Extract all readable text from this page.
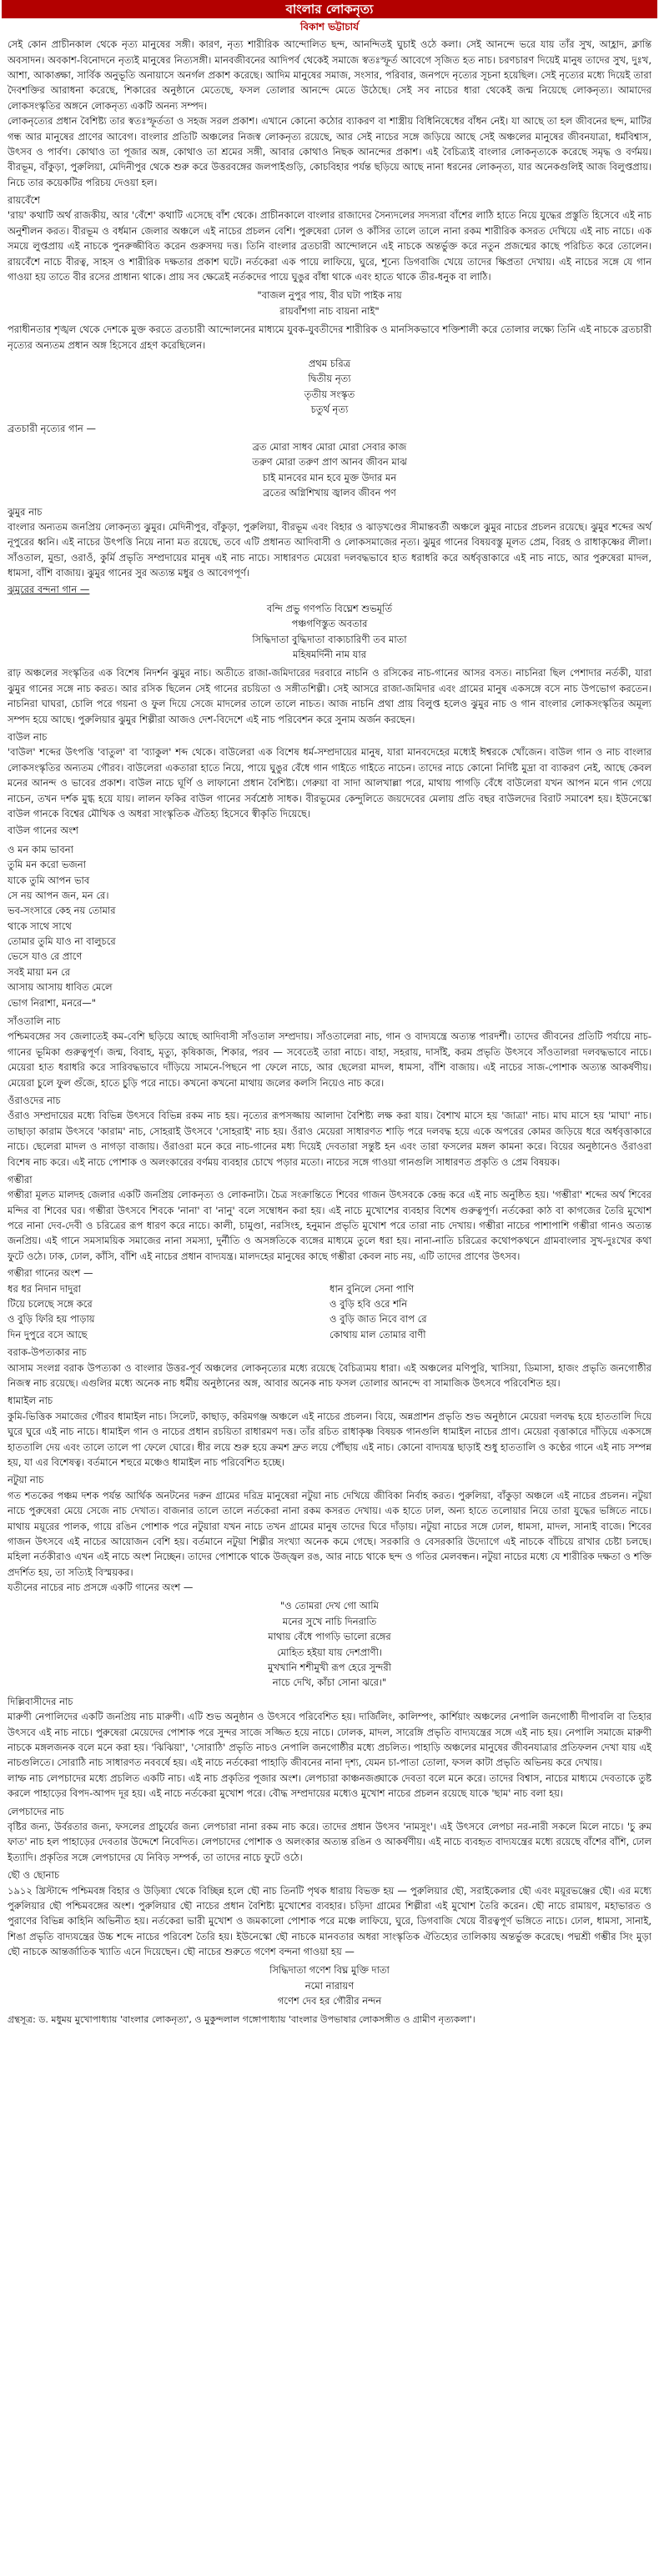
বাংলার লোকনৃত্য
বিকাশ ভট্টাচার্য

সেই কোন প্রাচীনকাল থেকে নৃত্য মানুষের সঙ্গী। কারণ, নৃত্য শারীরিক আন্দোলিত ছন্দ, আনন্দিতই ঘুচাই ওঠে কলা। সেই আনন্দে ভরে যায় তাঁর সুখ, আহ্লাদ, ক্লান্তি অবসাদন। অবকাশ-বিনোদনে নৃত্যই মানুষের নিত্যসঙ্গী। মানবজীবনের আদিপর্ব থেকেই সমাজে স্বতঃস্ফূর্ত আবেগে সৃজিত হত নাচ। চরণচারণ দিয়েই মানুষ তাদের সুখ, দুঃখ, আশা, আকাঙ্ক্ষা, সার্বিক অনুভূতি অনায়াসে অনর্গল প্রকাশ করেছে। আদিম মানুষের সমাজ, সংসার, পরিবার, জনপদে নৃত্যের সূচনা হয়েছিল। সেই নৃত্যের মধ্যে দিয়েই তারা দৈবশক্তির আরাধনা করেছে, শিকারের অনুষ্ঠানে মেতেছে, ফসল তোলার আনন্দে মেতে উঠেছে। সেই সব নাচের ধারা থেকেই জন্ম নিয়েছে লোকনৃত্য। আমাদের লোকসংস্কৃতির অঙ্গনে লোকনৃত্য একটি অনন্য সম্পদ।

লোকনৃত্যের প্রধান বৈশিষ্ট্য তার স্বতঃস্ফূর্ততা ও সহজ সরল প্রকাশ। এখানে কোনো কঠোর ব্যাকরণ বা শাস্ত্রীয় বিধিনিষেধের বাঁধন নেই। যা আছে তা হল জীবনের ছন্দ, মাটির গন্ধ আর মানুষের প্রাণের আবেগ। বাংলার প্রতিটি অঞ্চলের নিজস্ব লোকনৃত্য রয়েছে, আর সেই নাচের সঙ্গে জড়িয়ে আছে সেই অঞ্চলের মানুষের জীবনযাত্রা, ধর্মবিশ্বাস, উৎসব ও পার্বণ। কোথাও তা পূজার অঙ্গ, কোথাও তা শ্রমের সঙ্গী, আবার কোথাও নিছক আনন্দের প্রকাশ। এই বৈচিত্র্যই বাংলার লোকনৃত্যকে করেছে সমৃদ্ধ ও বর্ণময়। বীরভূম, বাঁকুড়া, পুরুলিয়া, মেদিনীপুর থেকে শুরু করে উত্তরবঙ্গের জলপাইগুড়ি, কোচবিহার পর্যন্ত ছড়িয়ে আছে নানা ধরনের লোকনৃত্য, যার অনেকগুলিই আজ বিলুপ্তপ্রায়। নিচে তার কয়েকটির পরিচয় দেওয়া হল।

রায়বেঁশে

'রায়' কথাটি অর্থ রাজকীয়, আর 'বেঁশে' কথাটি এসেছে বাঁশ থেকে। প্রাচীনকালে বাংলার রাজাদের সৈন্যদলের সদস্যরা বাঁশের লাঠি হাতে নিয়ে যুদ্ধের প্রস্তুতি হিসেবে এই নাচ অনুশীলন করত। বীরভূম ও বর্ধমান জেলার অঞ্চলে এই নাচের প্রচলন বেশি। পুরুষেরা ঢোল ও কাঁসির তালে তালে নানা রকম শারীরিক কসরত দেখিয়ে এই নাচ নাচে। এক সময়ে লুপ্তপ্রায় এই নাচকে পুনরুজ্জীবিত করেন গুরুসদয় দত্ত। তিনি বাংলার ব্রতচারী আন্দোলনে এই নাচকে অন্তর্ভুক্ত করে নতুন প্রজন্মের কাছে পরিচিত করে তোলেন। রায়বেঁশে নাচে বীরত্ব, সাহস ও শারীরিক দক্ষতার প্রকাশ ঘটে। নর্তকেরা এক পায়ে লাফিয়ে, ঘুরে, শূন্যে ডিগবাজি খেয়ে তাদের ক্ষিপ্রতা দেখায়। এই নাচের সঙ্গে যে গান গাওয়া হয় তাতে বীর রসের প্রাধান্য থাকে। প্রায় সব ক্ষেত্রেই নর্তকদের পায়ে ঘুঙুর বাঁধা থাকে এবং হাতে থাকে তীর-ধনুক বা লাঠি।

"বাজল নুপুর পায়, বীর ঘটা পাইক নায়

রায়বাঁশগা নাচ বায়না নাই"

পরাধীনতার শৃঙ্খল থেকে দেশকে মুক্ত করতে ব্রতচারী আন্দোলনের মাধ্যমে যুবক-যুবতীদের শারীরিক ও মানসিকভাবে শক্তিশালী করে তোলার লক্ষ্যে তিনি এই নাচকে ব্রতচারী নৃত্যের অন্যতম প্রধান অঙ্গ হিসেবে গ্রহণ করেছিলেন।

প্রথম চরিত্র

দ্বিতীয় নৃত্য

তৃতীয় সংস্কৃত

চতুর্থ নৃত্য

ব্রতচারী নৃত্যের গান —

ব্রত মোরা সাধব মোরা মোরা সেবার কাজ

তরুণ মোরা তরুণ প্রাণ আনব জীবন মাঝ

চাই মানবের মান হবে মুক্ত উদার মন

ব্রতের অগ্নিশিখায় জ্বালব জীবন পণ

ঝুমুর নাচ

বাংলার অন্যতম জনপ্রিয় লোকনৃত্য ঝুমুর। মেদিনীপুর, বাঁকুড়া, পুরুলিয়া, বীরভূম এবং বিহার ও ঝাড়খণ্ডের সীমান্তবর্তী অঞ্চলে ঝুমুর নাচের প্রচলন রয়েছে। ঝুমুর শব্দের অর্থ নূপুরের ধ্বনি। এই নাচের উৎপত্তি নিয়ে নানা মত রয়েছে, তবে এটি প্রধানত আদিবাসী ও লোকসমাজের নৃত্য। ঝুমুর গানের বিষয়বস্তু মূলত প্রেম, বিরহ ও রাধাকৃষ্ণের লীলা। সাঁওতাল, মুন্ডা, ওরাওঁ, কুর্মি প্রভৃতি সম্প্রদায়ের মানুষ এই নাচ নাচে। সাধারণত মেয়েরা দলবদ্ধভাবে হাত ধরাধরি করে অর্ধবৃত্তাকারে এই নাচ নাচে, আর পুরুষেরা মাদল, ধামসা, বাঁশি বাজায়। ঝুমুর গানের সুর অত্যন্ত মধুর ও আবেগপূর্ণ।

ঝুমুরের বন্দনা গান —

বন্দি প্রভু গণপতি বিঘ্নেশ শুভমূর্তি

পঞ্চগণিস্তুত অবতার

সিদ্ধিদাতা বুদ্ধিদাতা বাক্যচারিণী তব মাতা

মহিষমর্দিনী নাম যার

রাঢ় অঞ্চলের সংস্কৃতির এক বিশেষ নিদর্শন ঝুমুর নাচ। অতীতে রাজা-জমিদারের দরবারে নাচনি ও রসিকের নাচ-গানের আসর বসত। নাচনিরা ছিল পেশাদার নর্তকী, যারা ঝুমুর গানের সঙ্গে নাচ করত। আর রসিক ছিলেন সেই গানের রচয়িতা ও সঙ্গীতশিল্পী। সেই আসরে রাজা-জমিদার এবং গ্রামের মানুষ একসঙ্গে বসে নাচ উপভোগ করতেন। নাচনিরা ঘাঘরা, চোলি পরে গয়না ও ফুল দিয়ে সেজে মাদলের তালে তালে নাচত। আজ নাচনি প্রথা প্রায় বিলুপ্ত হলেও ঝুমুর নাচ ও গান বাংলার লোকসংস্কৃতির অমূল্য সম্পদ হয়ে আছে। পুরুলিয়ার ঝুমুর শিল্পীরা আজও দেশ-বিদেশে এই নাচ পরিবেশন করে সুনাম অর্জন করছেন।

বাউল নাচ

'বাউল' শব্দের উৎপত্তি 'বাতুল' বা 'ব্যাকুল' শব্দ থেকে। বাউলেরা এক বিশেষ ধর্ম-সম্প্রদায়ের মানুষ, যারা মানবদেহের মধ্যেই ঈশ্বরকে খোঁজেন। বাউল গান ও নাচ বাংলার লোকসংস্কৃতির অন্যতম গৌরব। বাউলেরা একতারা হাতে নিয়ে, পায়ে ঘুঙুর বেঁধে গান গাইতে গাইতে নাচেন। তাদের নাচে কোনো নির্দিষ্ট মুদ্রা বা ব্যাকরণ নেই, আছে কেবল মনের আনন্দ ও ভাবের প্রকাশ। বাউল নাচে ঘূর্ণি ও লাফানো প্রধান বৈশিষ্ট্য। গেরুয়া বা সাদা আলখাল্লা পরে, মাথায় পাগড়ি বেঁধে বাউলেরা যখন আপন মনে গান গেয়ে নাচেন, তখন দর্শক মুগ্ধ হয়ে যায়। লালন ফকির বাউল গানের সর্বশ্রেষ্ঠ সাধক। বীরভূমের কেন্দুলিতে জয়দেবের মেলায় প্রতি বছর বাউলদের বিরাট সমাবেশ হয়। ইউনেস্কো বাউল গানকে বিশ্বের মৌখিক ও অধরা সাংস্কৃতিক ঐতিহ্য হিসেবে স্বীকৃতি দিয়েছে।

বাউল গানের অংশ

ও মন কাম ভাবনা

তুমি মন করো ভজনা

যাকে তুমি আপন ভাব

সে নয় আপন জন, মন রে।

ভব-সংসারে কেহ নয় তোমার

থাকে সাথে সাথে

তোমার তুমি যাও না বালুচরে

ভেসে যাও রে প্রাণে

সবই মায়া মন রে

আসায় আসায় ধাবিত মেলে

ভোগ নিরাশা, মনরে—"

সাঁওতালি নাচ

পশ্চিমবঙ্গের সব জেলাতেই কম-বেশি ছড়িয়ে আছে আদিবাসী সাঁওতাল সম্প্রদায়। সাঁওতালেরা নাচ, গান ও বাদ্যযন্ত্রে অত্যন্ত পারদর্শী। তাদের জীবনের প্রতিটি পর্যায়ে নাচ-গানের ভূমিকা গুরুত্বপূর্ণ। জন্ম, বিবাহ, মৃত্যু, কৃষিকাজ, শিকার, পরব — সবেতেই তারা নাচে। বাহা, সহরায়, দাসাঁই, করম প্রভৃতি উৎসবে সাঁওতালরা দলবদ্ধভাবে নাচে। মেয়েরা হাত ধরাধরি করে সারিবদ্ধভাবে দাঁড়িয়ে সামনে-পিছনে পা ফেলে নাচে, আর ছেলেরা মাদল, ধামসা, বাঁশি বাজায়। এই নাচের সাজ-পোশাক অত্যন্ত আকর্ষণীয়। মেয়েরা চুলে ফুল গুঁজে, হাতে চুড়ি পরে নাচে। কখনো কখনো মাথায় জলের কলসি নিয়েও নাচ করে।

ওঁরাওদের নাচ

ওঁরাও সম্প্রদায়ের মধ্যে বিভিন্ন উৎসবে বিভিন্ন রকম নাচ হয়। নৃত্যের রূপসজ্জায় আলাদা বৈশিষ্ট্য লক্ষ করা যায়। বৈশাখ মাসে হয় 'জাত্রা' নাচ। মাঘ মাসে হয় 'মাঘা' নাচ। তাছাড়া কারাম উৎসবে 'কারাম' নাচ, সোহরাই উৎসবে 'সোহরাই' নাচ হয়। ওঁরাও মেয়েরা সাধারণত শাড়ি পরে দলবদ্ধ হয়ে একে অপরের কোমর জড়িয়ে ধরে অর্ধবৃত্তাকারে নাচে। ছেলেরা মাদল ও নাগড়া বাজায়। ওঁরাওরা মনে করে নাচ-গানের মধ্য দিয়েই দেবতারা সন্তুষ্ট হন এবং তারা ফসলের মঙ্গল কামনা করে। বিয়ের অনুষ্ঠানেও ওঁরাওরা বিশেষ নাচ করে। এই নাচে পোশাক ও অলংকারের বর্ণময় ব্যবহার চোখে পড়ার মতো। নাচের সঙ্গে গাওয়া গানগুলি সাধারণত প্রকৃতি ও প্রেম বিষয়ক।

গম্ভীরা

গম্ভীরা মূলত মালদহ জেলার একটি জনপ্রিয় লোকনৃত্য ও লোকনাট্য। চৈত্র সংক্রান্তিতে শিবের গাজন উৎসবকে কেন্দ্র করে এই নাচ অনুষ্ঠিত হয়। 'গম্ভীরা' শব্দের অর্থ শিবের মন্দির বা শিবের ঘর। গম্ভীরা উৎসবে শিবকে 'নানা' বা 'নানু' বলে সম্বোধন করা হয়। এই নাচে মুখোশের ব্যবহার বিশেষ গুরুত্বপূর্ণ। নর্তকেরা কাঠ বা কাগজের তৈরি মুখোশ পরে নানা দেব-দেবী ও চরিত্রের রূপ ধারণ করে নাচে। কালী, চামুণ্ডা, নরসিংহ, হনুমান প্রভৃতি মুখোশ পরে তারা নাচ দেখায়। গম্ভীরা নাচের পাশাপাশি গম্ভীরা গানও অত্যন্ত জনপ্রিয়। এই গানে সমসাময়িক সমাজের নানা সমস্যা, দুর্নীতি ও অসঙ্গতিকে ব্যঙ্গের মাধ্যমে তুলে ধরা হয়। নানা-নাতি চরিত্রের কথোপকথনে গ্রামবাংলার সুখ-দুঃখের কথা ফুটে ওঠে। ঢাক, ঢোল, কাঁসি, বাঁশি এই নাচের প্রধান বাদ্যযন্ত্র। মালদহের মানুষের কাছে গম্ভীরা কেবল নাচ নয়, এটি তাদের প্রাণের উৎসব।

গম্ভীরা গানের অংশ —

ধর ধর নিদান দাদুরা

টিয়ে চলেছে সঙ্গে করে

ও বুড়ি ফিরি হয় পাড়ায়

দিন দুপুরে বসে আছে

ধান বুনিলে সেনা পাণি

ও বুড়ি হবি ওরে শনি

ও বুড়ি জাত নিবে বাপ রে

কোথায় মাল তোমার বাণী

বরাক-উপত্যকার নাচ

আসাম সংলগ্ন বরাক উপত্যকা ও বাংলার উত্তর-পূর্ব অঞ্চলের লোকনৃত্যের মধ্যে রয়েছে বৈচিত্র্যময় ধারা। এই অঞ্চলের মণিপুরি, খাসিয়া, ডিমাসা, হাজং প্রভৃতি জনগোষ্ঠীর নিজস্ব নাচ রয়েছে। এগুলির মধ্যে অনেক নাচ ধর্মীয় অনুষ্ঠানের অঙ্গ, আবার অনেক নাচ ফসল তোলার আনন্দে বা সামাজিক উৎসবে পরিবেশিত হয়।

ধামাইল নাচ

কুমি-ভিত্তিক সমাজের গৌরব ধামাইল নাচ। সিলেট, কাছাড়, করিমগঞ্জ অঞ্চলে এই নাচের প্রচলন। বিয়ে, অন্নপ্রাশন প্রভৃতি শুভ অনুষ্ঠানে মেয়েরা দলবদ্ধ হয়ে হাততালি দিয়ে ঘুরে ঘুরে এই নাচ নাচে। ধামাইল গান ও নাচের প্রধান রচয়িতা রাধারমণ দত্ত। তাঁর রচিত রাধাকৃষ্ণ বিষয়ক গানগুলি ধামাইল নাচের প্রাণ। মেয়েরা বৃত্তাকারে দাঁড়িয়ে একসঙ্গে হাততালি দেয় এবং তালে তালে পা ফেলে ঘোরে। ধীর লয়ে শুরু হয়ে ক্রমশ দ্রুত লয়ে পৌঁছায় এই নাচ। কোনো বাদ্যযন্ত্র ছাড়াই শুধু হাততালি ও কণ্ঠের গানে এই নাচ সম্পন্ন হয়, যা এর বিশেষত্ব। বর্তমানে শহুরে মঞ্চেও ধামাইল নাচ পরিবেশিত হচ্ছে।

নটুয়া নাচ

গত শতকের পঞ্চম দশক পর্যন্ত আর্থিক অনটনের দরুন গ্রামের দরিদ্র মানুষেরা নটুয়া নাচ দেখিয়ে জীবিকা নির্বাহ করত। পুরুলিয়া, বাঁকুড়া অঞ্চলে এই নাচের প্রচলন। নটুয়া নাচে পুরুষেরা মেয়ে সেজে নাচ দেখাত। বাজনার তালে তালে নর্তকেরা নানা রকম কসরত দেখায়। এক হাতে ঢাল, অন্য হাতে তলোয়ার নিয়ে তারা যুদ্ধের ভঙ্গিতে নাচে। মাথায় ময়ূরের পালক, গায়ে রঙিন পোশাক পরে নটুয়ারা যখন নাচে তখন গ্রামের মানুষ তাদের ঘিরে দাঁড়ায়। নটুয়া নাচের সঙ্গে ঢোল, ধামসা, মাদল, সানাই বাজে। শিবের গাজন উৎসবে এই নাচের আয়োজন বেশি হয়। বর্তমানে নটুয়া শিল্পীর সংখ্যা অনেক কমে গেছে। সরকারি ও বেসরকারি উদ্যোগে এই নাচকে বাঁচিয়ে রাখার চেষ্টা চলছে। মহিলা নর্তকীরাও এখন এই নাচে অংশ নিচ্ছেন। তাদের পোশাকে থাকে উজ্জ্বল রঙ, আর নাচে থাকে ছন্দ ও গতির মেলবন্ধন। নটুয়া নাচের মধ্যে যে শারীরিক দক্ষতা ও শক্তি প্রদর্শিত হয়, তা সত্যিই বিস্ময়কর।

যতীনের নাচের নাচ প্রসঙ্গে একটি গানের অংশ —

"ও তোমরা দেখ গো আমি

মনের সুখে নাচি দিনরাতি

মাথায় বেঁধে পাগড়ি ভালো রঙ্গের

মোহিত হইয়া যায় দেশপ্রাণী।

মুখখানি শশীমুখী রূপ হেরে সুন্দরী

নাচে দেখি, কাঁচা সোনা ঝরে।"

দিল্লিবাসীদের নাচ

মারুণী নেপালিদের একটি জনপ্রিয় নাচ মারুণী। এটি শুভ অনুষ্ঠান ও উৎসবে পরিবেশিত হয়। দার্জিলিং, কালিম্পং, কার্শিয়াং অঞ্চলের নেপালি জনগোষ্ঠী দীপাবলি বা তিহার উৎসবে এই নাচ নাচে। পুরুষেরা মেয়েদের পোশাক পরে সুন্দর সাজে সজ্জিত হয়ে নাচে। ঢোলক, মাদল, সারেঙ্গি প্রভৃতি বাদ্যযন্ত্রের সঙ্গে এই নাচ হয়। নেপালি সমাজে মারুণী নাচকে মঙ্গলজনক বলে মনে করা হয়। 'ঝিঝিয়া', 'সোরাঠি' প্রভৃতি নাচও নেপালি জনগোষ্ঠীর মধ্যে প্রচলিত। পাহাড়ি অঞ্চলের মানুষের জীবনযাত্রার প্রতিফলন দেখা যায় এই নাচগুলিতে। সোরাঠি নাচ সাধারণত নববর্ষে হয়। এই নাচে নর্তকেরা পাহাড়ি জীবনের নানা দৃশ্য, যেমন চা-পাতা তোলা, ফসল কাটা প্রভৃতি অভিনয় করে দেখায়।

লাম্ফ নাচ লেপচাদের মধ্যে প্রচলিত একটি নাচ। এই নাচ প্রকৃতির পূজার অংশ। লেপচারা কাঞ্চনজঙ্ঘাকে দেবতা বলে মনে করে। তাদের বিশ্বাস, নাচের মাধ্যমে দেবতাকে তুষ্ট করলে পাহাড়ের বিপদ-আপদ দূর হয়। এই নাচে নর্তকেরা মুখোশ পরে। বৌদ্ধ সম্প্রদায়ের মধ্যেও মুখোশ নাচের প্রচলন রয়েছে যাকে 'ছাম' নাচ বলা হয়।

লেপচাদের নাচ

বৃষ্টির জন্য, উর্বরতার জন্য, ফসলের প্রাচুর্যের জন্য লেপচারা নানা রকম নাচ করে। তাদের প্রধান উৎসব 'নামসুং'। এই উৎসবে লেপচা নর-নারী সকলে মিলে নাচে। 'চু রুম ফাত' নাচ হল পাহাড়ের দেবতার উদ্দেশে নিবেদিত। লেপচাদের পোশাক ও অলংকার অত্যন্ত রঙিন ও আকর্ষণীয়। এই নাচে ব্যবহৃত বাদ্যযন্ত্রের মধ্যে রয়েছে বাঁশের বাঁশি, ঢোল ইত্যাদি। প্রকৃতির সঙ্গে লেপচাদের যে নিবিড় সম্পর্ক, তা তাদের নাচে ফুটে ওঠে।

ছৌ ও ছোনাচ

১৯১২ খ্রিস্টাব্দে পশ্চিমবঙ্গ বিহার ও উড়িষ্যা থেকে বিচ্ছিন্ন হলে ছৌ নাচ তিনটি পৃথক ধারায় বিভক্ত হয় — পুরুলিয়ার ছৌ, সরাইকেলার ছৌ এবং ময়ূরভঞ্জের ছৌ। এর মধ্যে পুরুলিয়ার ছৌ পশ্চিমবঙ্গের অংশ। পুরুলিয়ার ছৌ নাচের প্রধান বৈশিষ্ট্য মুখোশের ব্যবহার। চড়িদা গ্রামের শিল্পীরা এই মুখোশ তৈরি করেন। ছৌ নাচে রামায়ণ, মহাভারত ও পুরাণের বিভিন্ন কাহিনি অভিনীত হয়। নর্তকেরা ভারী মুখোশ ও জমকালো পোশাক পরে মঞ্চে লাফিয়ে, ঘুরে, ডিগবাজি খেয়ে বীরত্বপূর্ণ ভঙ্গিতে নাচে। ঢোল, ধামসা, সানাই, শিঙা প্রভৃতি বাদ্যযন্ত্রের উচ্চ শব্দে নাচের পরিবেশ তৈরি হয়। ইউনেস্কো ছৌ নাচকে মানবতার অধরা সাংস্কৃতিক ঐতিহ্যের তালিকায় অন্তর্ভুক্ত করেছে। পদ্মশ্রী গম্ভীর সিং মুড়া ছৌ নাচকে আন্তর্জাতিক খ্যাতি এনে দিয়েছেন। ছৌ নাচের শুরুতে গণেশ বন্দনা গাওয়া হয় —

সিদ্ধিদাতা গণেশ বিঘ্ন মুক্তি দাতা

নমো নারায়ণ

গণেশ দেব হর গৌরীর নন্দন

গ্রন্থসূত্র: ড. মধুময় মুখোপাধ্যায় 'বাংলার লোকনৃত্য', ও মুকুন্দলাল গঙ্গোপাধ্যায় 'বাংলার উপভাষার লোকসঙ্গীত ও গ্রামীণ নৃত্যকলা'।
